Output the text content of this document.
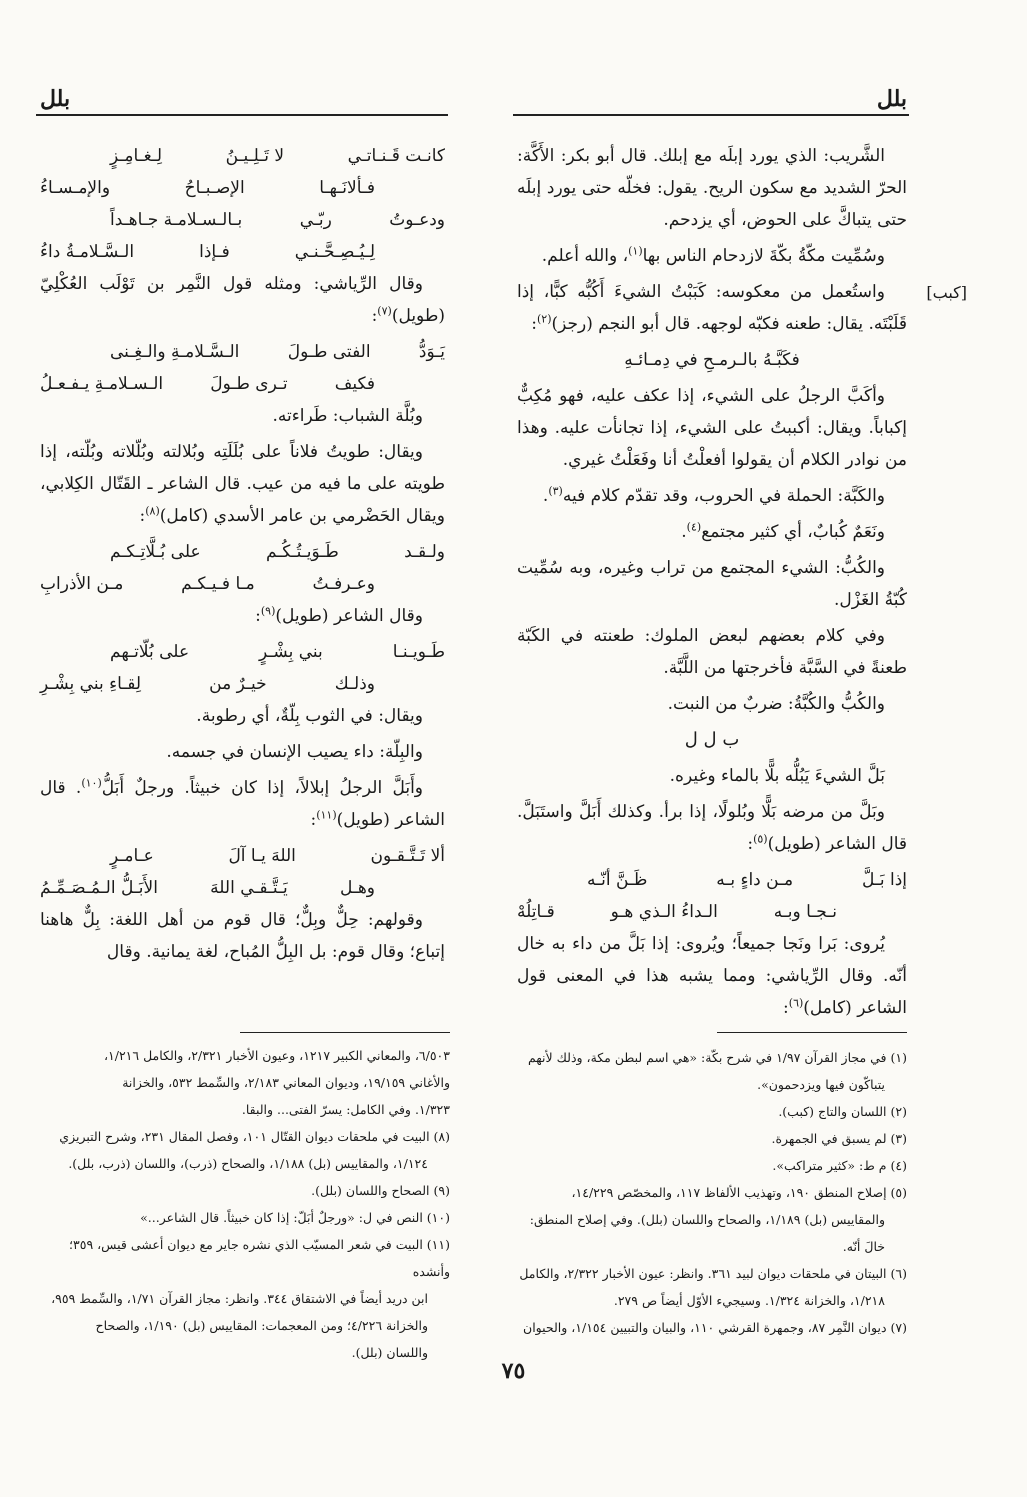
بلل
بلل
[كبب]

الشَّريب: الذي يورد إبلَه مع إبلك. قال أبو بكر: الأَكَّة: الحرّ الشديد مع سكون الريح. يقول: فخلّه حتى يورد إبلَه حتى يتباكَّ على الحوض، أي يزدحم.

وسُمِّيت مكّةُ بكّةَ لازدحام الناس بها$^{(١)}$، والله أعلم.

واستُعمل من معكوسه: كَبَبْتُ الشيءَ أَكُبُّه كبًّا، إذا قَلَبْتَه. يقال: طعنه فكبّه لوجهه. قال أبو النجم (رجز)$^{(٢)}$:

فكَبَّـهُ بالـرمـحِ في دِمـائـهِ

وأكَبَّ الرجلُ على الشيء، إذا عكف عليه، فهو مُكِبٌّ إكباباً. ويقال: أكببتُ على الشيء، إذا تجانأت عليه. وهذا من نوادر الكلام أن يقولوا أفعلْتُ أنا وفَعَلْتُ غيري.

والكَبَّة: الحملة في الحروب، وقد تقدّم كلام فيه$^{(٣)}$.

ونَعَمٌ كُبابٌ، أي كثير مجتمع$^{(٤)}$.

والكُبُّ: الشيء المجتمع من تراب وغيره، وبه سُمِّيت كُبّةُ الغَزْل.

وفي كلام بعضهم لبعض الملوك: طعنته في الكَبّة طعنةً في السَّبَّة فأخرجتها من اللَّبَّة.

والكُبُّ والكُبَّةُ: ضربٌ من النبت.

ب ل ل

بَلَّ الشيءَ يَبُلُّه بلًّا بالماء وغيره.

وبَلَّ من مرضه بَلًّا وبُلولًا، إذا برأ. وكذلك أَبَلَّ واستَبَلَّ. قال الشاعر (طويل)$^{(٥)}$:

إذا بَـلَّ
مـن داءٍ بـه
ظَـنَّ أنّـه
نـجـا وبـه
الـداءُ الـذي هـو
قـاتِلُهْ

يُروى: بَرا ونَجا جميعاً؛ ويُروى: إذا بَلَّ من داء به خال أنّه. وقال الرِّياشي: ومما يشبه هذا في المعنى قول الشاعر (كامل)$^{(٦)}$:

كانـت قَـنـاتـي
لا تَـلِـيـنُ
لِـغـامِـزٍ
فـألانَـهـا
الإصـبـاحُ
والإمـسـاءُ
ودعـوتُ
ربّـي
بـالـسـلامـة جـاهـداً
لِـيُـصِـحَّـنـي
فـإذا
الـسَّـلامـةُ داءُ

وقال الرِّياشي: ومثله قول النَّمِر بن تَوْلَب العُكْلِيّ (طويل)$^{(٧)}$:

يَـوَدُّ
الفتى طـولَ
الـسَّـلامـةِ والـغِـنى
فكيف
تـرى طـولَ
الـسـلامـةِ يـفـعـلُ

وبُلَّة الشباب: طَراءته.

ويقال: طويتُ فلاناً على بُلَلَتِه وبُلالته وبُلّلاته وبُلّته، إذا طويته على ما فيه من عيب. قال الشاعر ـ القَتّال الكِلابي، ويقال الحَضْرمي بن عامر الأسدي (كامل)$^{(٨)}$:

ولـقـد
طَـوَيـتُـكُـم
على بُـلَّاتِـكـم
وعـرفـتُ
مـا فـيـكـم
مـن الأذرابِ

وقال الشاعر (طويل)$^{(٩)}$:

طَـويـنـا
بني بِشْـرٍ
على بُلّاتـهم
وذلـك
خيـرٌ من
لِقـاءِ بني بِشْـرِ

ويقال: في الثوب بِلّةٌ، أي رطوبة.

والبِلّة: داء يصيب الإنسان في جسمه.

وأَبَلَّ الرجلُ إبلالاً، إذا كان خبيثاً. ورجلٌ أَبَلُّ$^{(١٠)}$. قال الشاعر (طويل)$^{(١١)}$:

ألا تَـتَّـقـون
اللهَ يـا آلَ
عـامـرٍ
وهـل
يَـتَّـقـي اللهَ
الأَبَـلُّ الـمُـصَـمِّـمُ

وقولهم: حِلٌّ وبِلٌّ؛ قال قوم من أهل اللغة: بِلٌّ هاهنا إتباع؛ وقال قوم: بل البِلُّ المُباح، لغة يمانية. وقال

(١) في مجاز القرآن ١/٩٧ في شرح بكّة: «هي اسم لبطن مكة، وذلك لأنهم
يتباكّون فيها ويزدحمون».
(٢) اللسان والتاج (كبب).
(٣) لم يسبق في الجمهرة.
(٤) م ط: «كثير متراكب».
(٥) إصلاح المنطق ١٩٠، وتهذيب الألفاظ ١١٧، والمخصّص ١٤/٢٢٩،
والمقاييس (بل) ١/١٨٩، والصحاح واللسان (بلل). وفي إصلاح المنطق:
خالَ أنّه.
(٦) البيتان في ملحقات ديوان لبيد ٣٦١. وانظر: عيون الأخبار ٢/٣٢٢، والكامل
١/٢١٨، والخزانة ١/٣٢٤. وسيجيء الأوّل أيضاً ص ٢٧٩.
(٧) ديوان النَّمِر ٨٧، وجمهرة القرشي ١١٠، والبيان والتبيين ١/١٥٤، والحيوان
٦/٥٠٣، والمعاني الكبير ١٢١٧، وعيون الأخبار ٢/٣٢١، والكامل ١/٢١٦،
والأغاني ١٩/١٥٩، وديوان المعاني ٢/١٨٣، والسِّمط ٥٣٢، والخزانة
١/٣٢٣. وفي الكامل: يسرّ الفتى... والبقا.
(٨) البيت في ملحقات ديوان القتّال ١٠١، وفصل المقال ٢٣١، وشرح التبريزي
١/١٢٤، والمقاييس (بل) ١/١٨٨، والصحاح (ذرب)، واللسان (ذرب، بلل).
(٩) الصحاح واللسان (بلل).
(١٠) النص في ل: «ورجلٌ أبَلّ: إذا كان خبيثاً. قال الشاعر...»
(١١) البيت في شعر المسيّب الذي نشره جاير مع ديوان أعشى قيس، ٣٥٩؛ وأنشده
ابن دريد أيضاً في الاشتقاق ٣٤٤. وانظر: مجاز القرآن ١/٧١، والسِّمط ٩٥٩،
والخزانة ٤/٢٢٦؛ ومن المعجمات: المقاييس (بل) ١/١٩٠، والصحاح
واللسان (بلل).
٧٥
